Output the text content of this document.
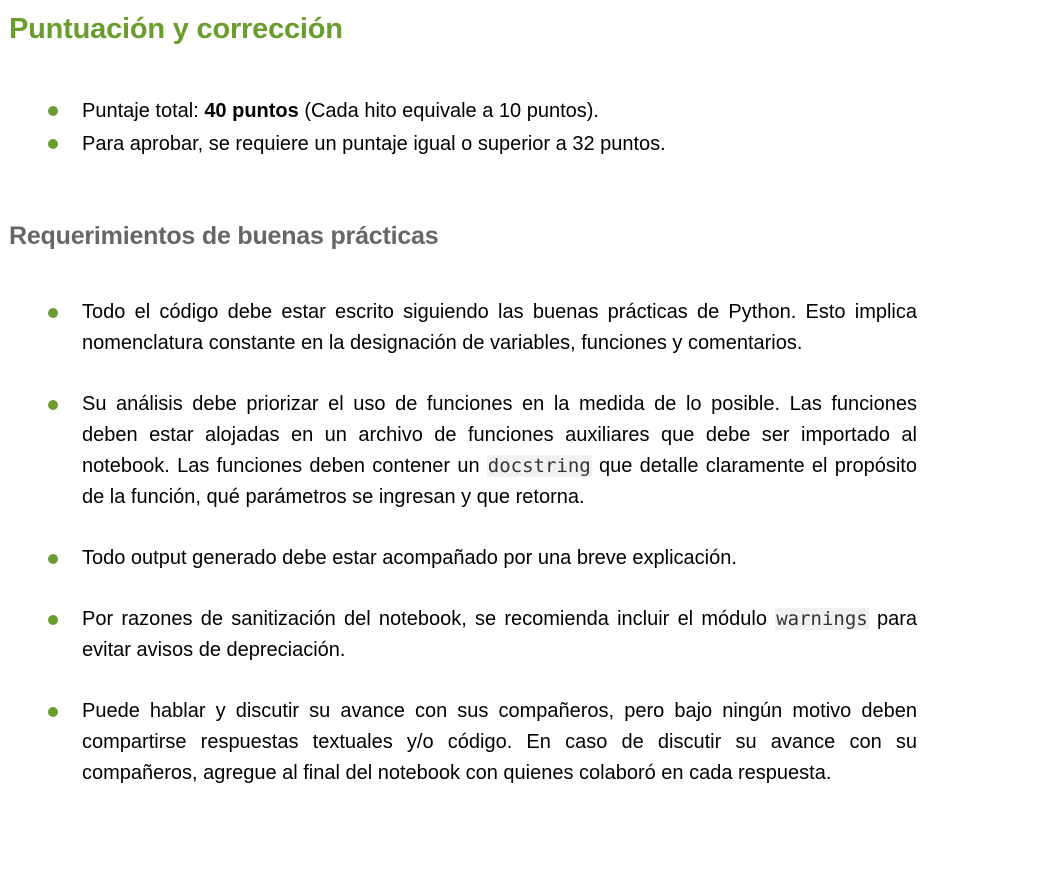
Puntuación y corrección
Puntaje total: 40 puntos (Cada hito equivale a 10 puntos).
Para aprobar, se requiere un puntaje igual o superior a 32 puntos.
Requerimientos de buenas prácticas
Todo el código debe estar escrito siguiendo las buenas prácticas de Python. Esto implica nomenclatura constante en la designación de variables, funciones y comentarios.
Su análisis debe priorizar el uso de funciones en la medida de lo posible. Las funciones deben estar alojadas en un archivo de funciones auxiliares que debe ser importado al notebook. Las funciones deben contener un docstring que detalle claramente el propósito de la función, qué parámetros se ingresan y que retorna.
Todo output generado debe estar acompañado por una breve explicación.
Por razones de sanitización del notebook, se recomienda incluir el módulo warnings para evitar avisos de depreciación.
Puede hablar y discutir su avance con sus compañeros, pero bajo ningún motivo deben compartirse respuestas textuales y/o código. En caso de discutir su avance con su compañeros, agregue al final del notebook con quienes colaboró en cada respuesta.
